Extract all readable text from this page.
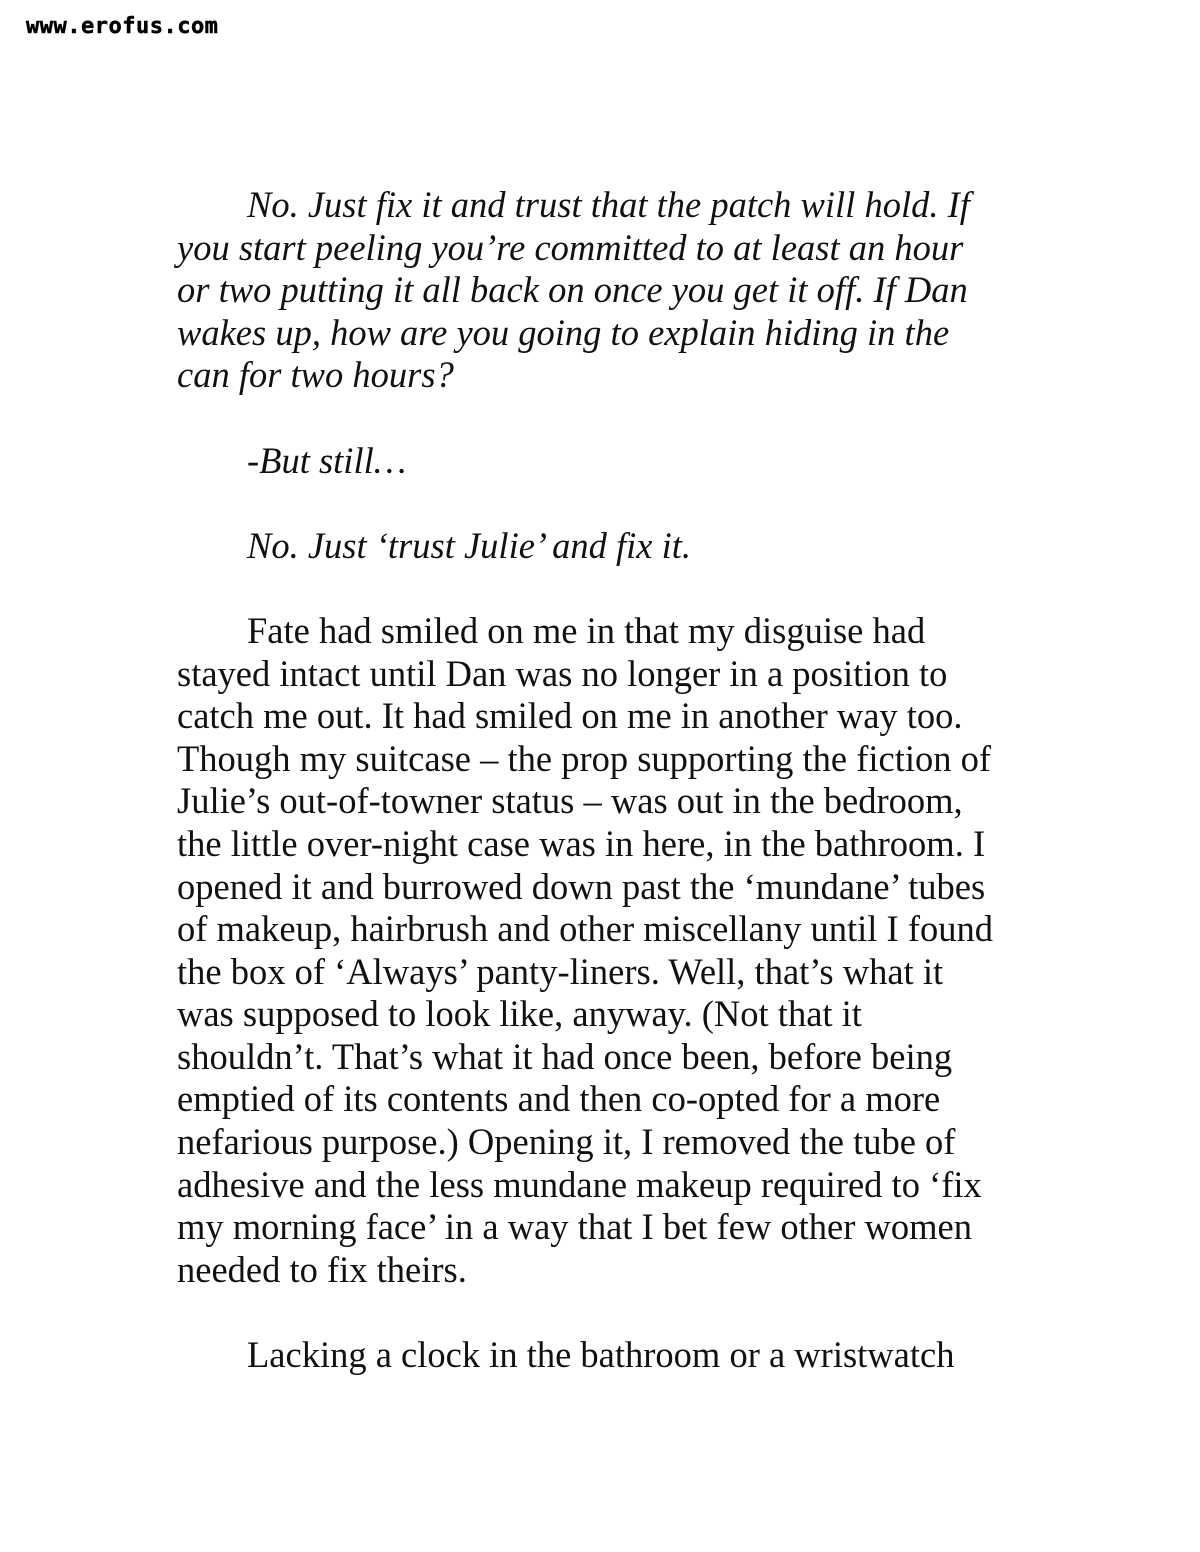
www.erofus.com
No. Just fix it and trust that the patch will hold. If
you start peeling you’re committed to at least an hour
or two putting it all back on once you get it off. If Dan
wakes up, how are you going to explain hiding in the
can for two hours?
-But still…
No. Just ‘trust Julie’ and fix it.
Fate had smiled on me in that my disguise had
stayed intact until Dan was no longer in a position to
catch me out. It had smiled on me in another way too.
Though my suitcase – the prop supporting the fiction of
Julie’s out-of-towner status – was out in the bedroom,
the little over-night case was in here, in the bathroom. I
opened it and burrowed down past the ‘mundane’ tubes
of makeup, hairbrush and other miscellany until I found
the box of ‘Always’ panty-liners. Well, that’s what it
was supposed to look like, anyway. (Not that it
shouldn’t. That’s what it had once been, before being
emptied of its contents and then co-opted for a more
nefarious purpose.) Opening it, I removed the tube of
adhesive and the less mundane makeup required to ‘fix
my morning face’ in a way that I bet few other women
needed to fix theirs.
Lacking a clock in the bathroom or a wristwatch
